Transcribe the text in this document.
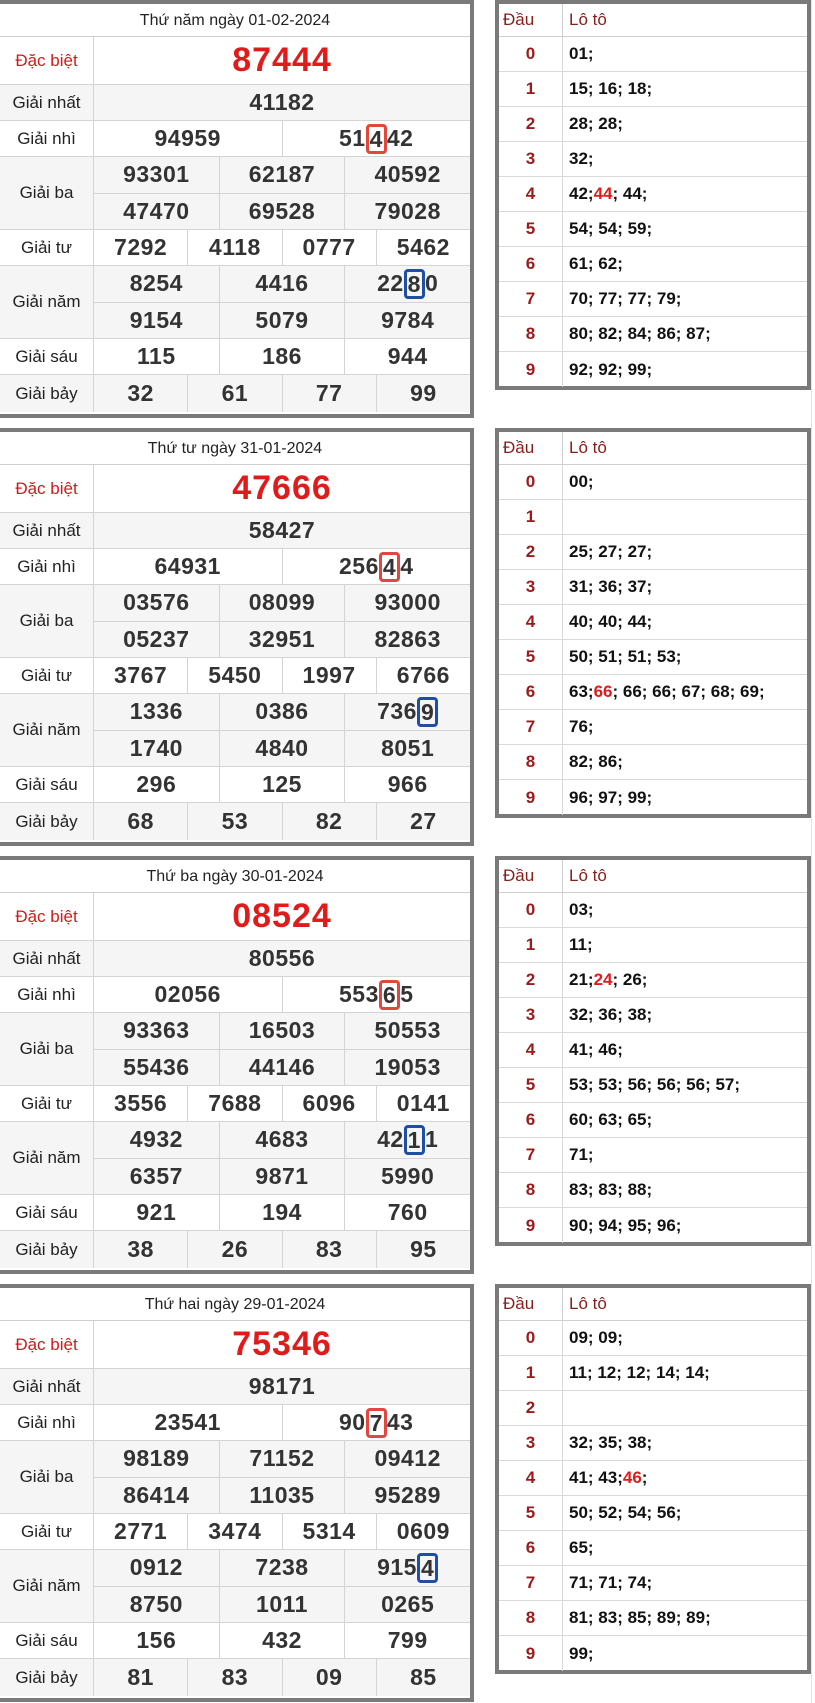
Thứ năm ngày 01-02-2024
Đặc biệt	87444
Giải nhất	41182
Giải nhì	94959	51 4 42
Giải ba
93301	62187	40592
47470	69528	79028
Giải tư	7292	4118	0777	5462
Giải năm
8254	4416	22 8 0
9154	5079	9784
Giải sáu	115	186	944
Giải bảy	32	61	77	99
Đầu	Lô tô
0	01;
1	15; 16; 18;
2	28; 28;
3	32;
4	42; 44 ; 44;
5	54; 54; 59;
6	61; 62;
7	70; 77; 77; 79;
8	80; 82; 84; 86; 87;
9	92; 92; 99;
Thứ tư ngày 31-01-2024
Đặc biệt	47666
Giải nhất	58427
Giải nhì	64931	256 4 4
Giải ba
03576	08099	93000
05237	32951	82863
Giải tư	3767	5450	1997	6766
Giải năm
1336	0386	736 9
1740	4840	8051
Giải sáu	296	125	966
Giải bảy	68	53	82	27
Đầu	Lô tô
0	00;
1
2	25; 27; 27;
3	31; 36; 37;
4	40; 40; 44;
5	50; 51; 51; 53;
6	63; 66 ; 66; 66; 67; 68; 69;
7	76;
8	82; 86;
9	96; 97; 99;
Thứ ba ngày 30-01-2024
Đặc biệt	08524
Giải nhất	80556
Giải nhì	02056	553 6 5
Giải ba
93363	16503	50553
55436	44146	19053
Giải tư	3556	7688	6096	0141
Giải năm
4932	4683	42 1 1
6357	9871	5990
Giải sáu	921	194	760
Giải bảy	38	26	83	95
Đầu	Lô tô
0	03;
1	11;
2	21; 24 ; 26;
3	32; 36; 38;
4	41; 46;
5	53; 53; 56; 56; 56; 57;
6	60; 63; 65;
7	71;
8	83; 83; 88;
9	90; 94; 95; 96;
Thứ hai ngày 29-01-2024
Đặc biệt	75346
Giải nhất	98171
Giải nhì	23541	90 7 43
Giải ba
98189	71152	09412
86414	11035	95289
Giải tư	2771	3474	5314	0609
Giải năm
0912	7238	915 4
8750	1011	0265
Giải sáu	156	432	799
Giải bảy	81	83	09	85
Đầu	Lô tô
0	09; 09;
1	11; 12; 12; 14; 14;
2
3	32; 35; 38;
4	41; 43; 46 ;
5	50; 52; 54; 56;
6	65;
7	71; 71; 74;
8	81; 83; 85; 89; 89;
9	99;
